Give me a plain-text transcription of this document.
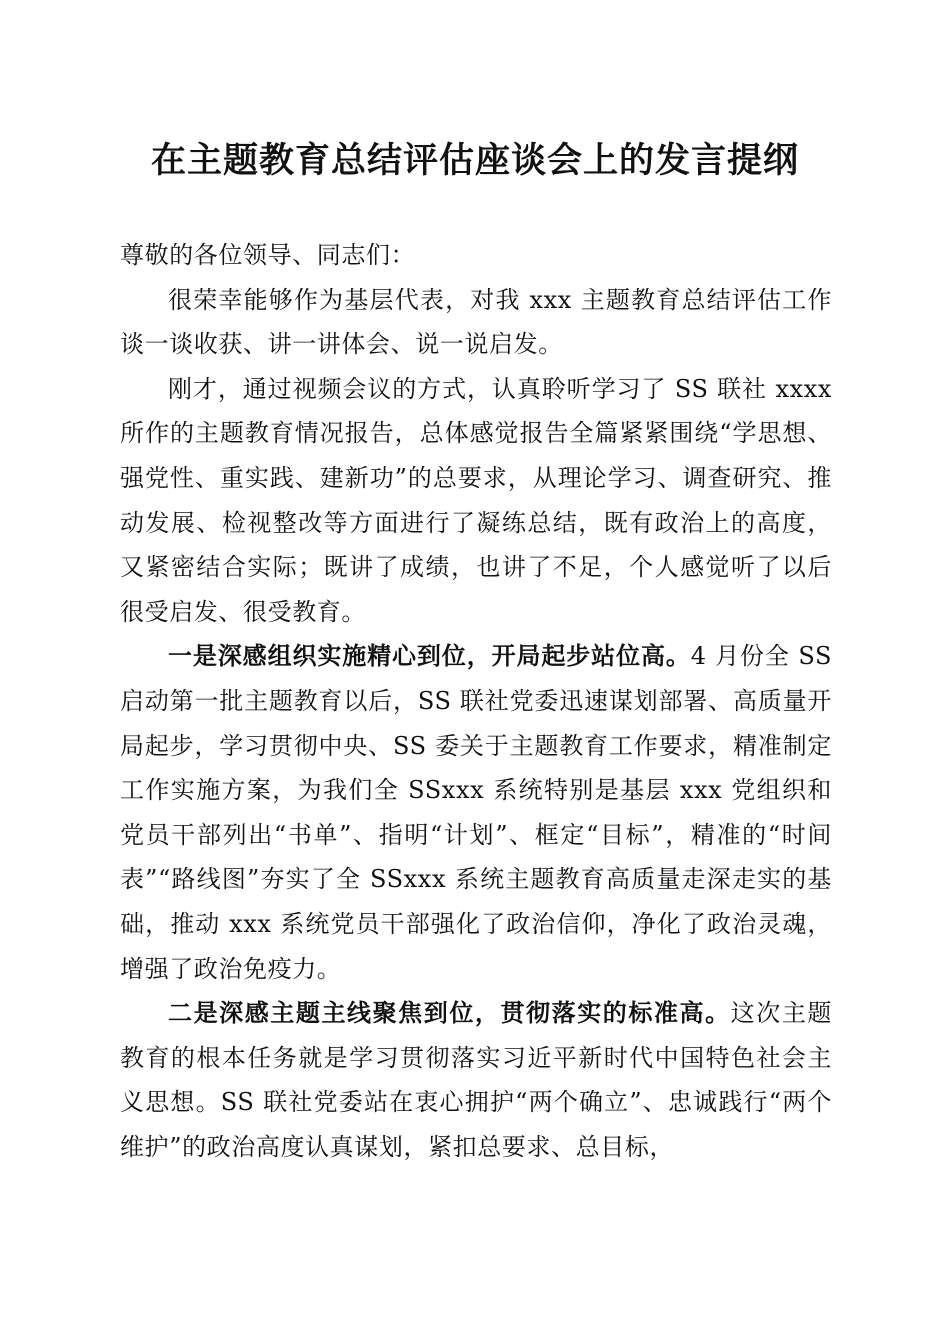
在主题教育总结评估座谈会上的发言提纲

尊敬的各位领导、同志们：

很荣幸能够作为基层代表，对我 xxx 主题教育总结评估工作谈一谈收获、讲一讲体会、说一说启发。

刚才，通过视频会议的方式，认真聆听学习了 SS 联社 xxxx 所作的主题教育情况报告，总体感觉报告全篇紧紧围绕“学思想、强党性、重实践、建新功”的总要求，从理论学习、调查研究、推动发展、检视整改等方面进行了凝练总结，既有政治上的高度，又紧密结合实际；既讲了成绩，也讲了不足，个人感觉听了以后很受启发、很受教育。

一是深感组织实施精心到位，开局起步站位高。4 月份全 SS 启动第一批主题教育以后，SS 联社党委迅速谋划部署、高质量开局起步，学习贯彻中央、SS 委关于主题教育工作要求，精准制定工作实施方案，为我们全 SSxxx 系统特别是基层 xxx 党组织和党员干部列出“书单”、指明“计划”、框定“目标”，精准的“时间表”“路线图”夯实了全 SSxxx 系统主题教育高质量走深走实的基础，推动 xxx 系统党员干部强化了政治信仰，净化了政治灵魂，增强了政治免疫力。

二是深感主题主线聚焦到位，贯彻落实的标准高。这次主题教育的根本任务就是学习贯彻落实习近平新时代中国特色社会主义思想。SS 联社党委站在衷心拥护“两个确立”、忠诚践行“两个维护”的政治高度认真谋划，紧扣总要求、总目标，
